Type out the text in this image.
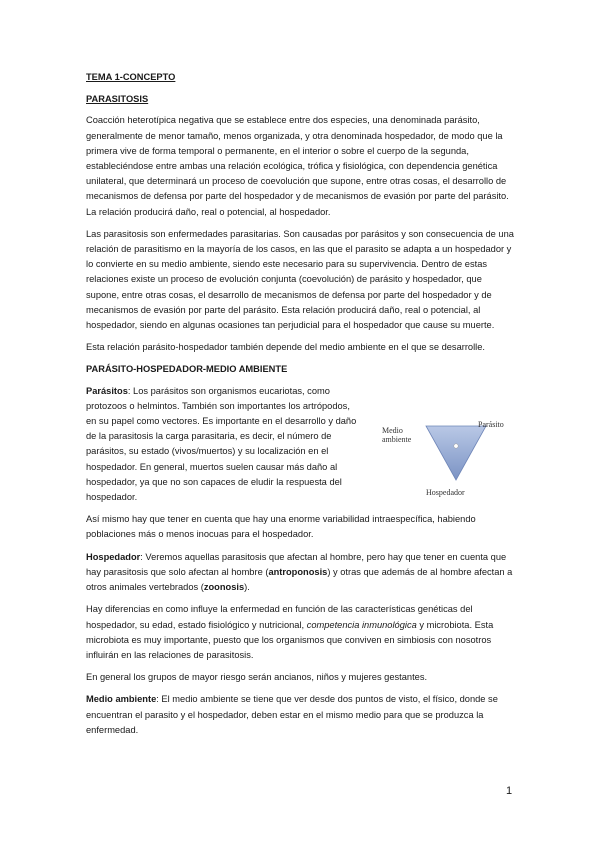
TEMA 1-CONCEPTO
PARASITOSIS

Coacción heterotípica negativa que se establece entre dos especies, una denominada parásito, generalmente de menor tamaño, menos organizada, y otra denominada hospedador, de modo que la primera vive de forma temporal o permanente, en el interior o sobre el cuerpo de la segunda, estableciéndose entre ambas una relación ecológica, trófica y fisiológica, con dependencia genética unilateral, que determinará un proceso de coevolución que supone, entre otras cosas, el desarrollo de mecanismos de defensa por parte del hospedador y de mecanismos de evasión por parte del parásito. La relación producirá daño, real o potencial, al hospedador.

Las parasitosis son enfermedades parasitarias. Son causadas por parásitos y son consecuencia de una relación de parasitismo en la mayoría de los casos, en las que el parasito se adapta a un hospedador y lo convierte en su medio ambiente, siendo este necesario para su supervivencia. Dentro de estas relaciones existe un proceso de evolución conjunta (coevolución) de parásito y hospedador, que supone, entre otras cosas, el desarrollo de mecanismos de defensa por parte del hospedador y de mecanismos de evasión por parte del parásito. Esta relación producirá daño, real o potencial, al hospedador, siendo en algunas ocasiones tan perjudicial para el hospedador que cause su muerte.

Esta relación parásito-hospedador también depende del medio ambiente en el que se desarrolle.

PARÁSITO-HOSPEDADOR-MEDIO AMBIENTE

Parásitos: Los parásitos son organismos eucariotas, como protozoos o helmintos. También son importantes los artrópodos, en su papel como vectores. Es importante en el desarrollo y daño de la parasitosis la carga parasitaria, es decir, el número de parásitos, su estado (vivos/muertos) y su localización en el hospedador. En general, muertos suelen causar más daño al hospedador, ya que no son capaces de eludir la respuesta del hospedador.

Medio ambiente
Parásito
Hospedador

Así mismo hay que tener en cuenta que hay una enorme variabilidad intraespecífica, habiendo poblaciones más o menos inocuas para el hospedador.

Hospedador: Veremos aquellas parasitosis que afectan al hombre, pero hay que tener en cuenta que hay parasitosis que solo afectan al hombre (antroponosis) y otras que además de al hombre afectan a otros animales vertebrados (zoonosis).

Hay diferencias en como influye la enfermedad en función de las características genéticas del hospedador, su edad, estado fisiológico y nutricional, competencia inmunológica y microbiota. Esta microbiota es muy importante, puesto que los organismos que conviven en simbiosis con nosotros influirán en las relaciones de parasitosis.

En general los grupos de mayor riesgo serán ancianos, niños y mujeres gestantes.

Medio ambiente: El medio ambiente se tiene que ver desde dos puntos de visto, el físico, donde se encuentran el parasito y el hospedador, deben estar en el mismo medio para que se produzca la enfermedad.

1
